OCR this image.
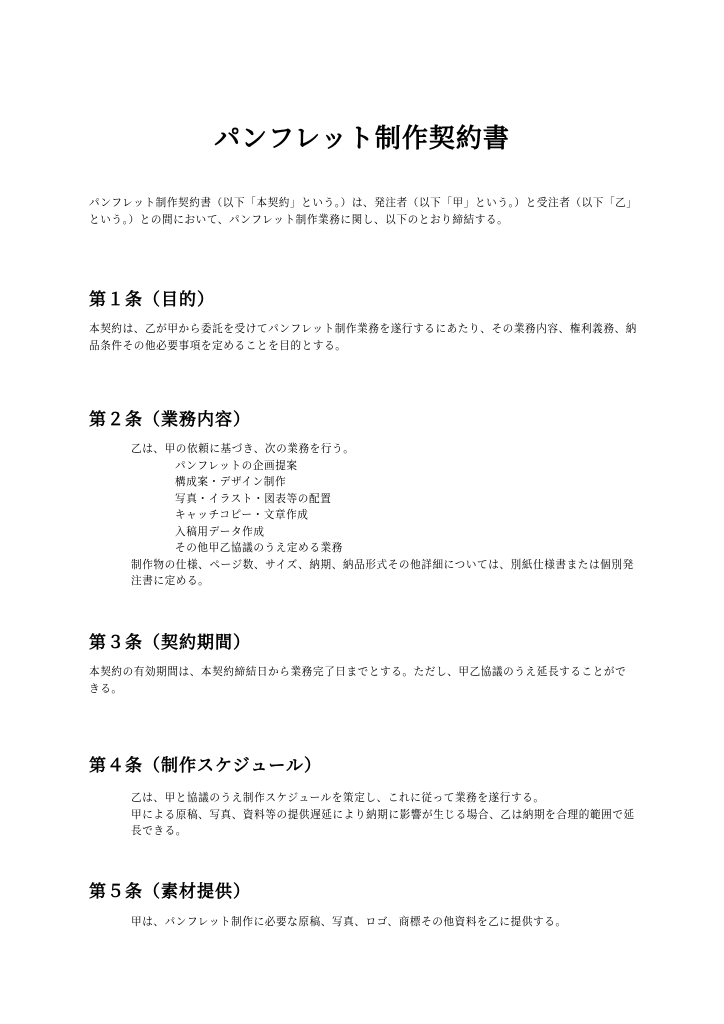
パンフレット制作契約書
パンフレット制作契約書（以下「本契約」という。）は、発注者（以下「甲」という。）と受注者（以下「乙」という。）との間において、パンフレット制作業務に関し、以下のとおり締結する。
第１条（目的）
本契約は、乙が甲から委託を受けてパンフレット制作業務を遂行するにあたり、その業務内容、権利義務、納品条件その他必要事項を定めることを目的とする。
第２条（業務内容）
乙は、甲の依頼に基づき、次の業務を行う。
パンフレットの企画提案
構成案・デザイン制作
写真・イラスト・図表等の配置
キャッチコピー・文章作成
入稿用データ作成
その他甲乙協議のうえ定める業務
制作物の仕様、ページ数、サイズ、納期、納品形式その他詳細については、別紙仕様書または個別発注書に定める。
第３条（契約期間）
本契約の有効期間は、本契約締結日から業務完了日までとする。ただし、甲乙協議のうえ延長することができる。
第４条（制作スケジュール）
乙は、甲と協議のうえ制作スケジュールを策定し、これに従って業務を遂行する。
甲による原稿、写真、資料等の提供遅延により納期に影響が生じる場合、乙は納期を合理的範囲で延長できる。
第５条（素材提供）
甲は、パンフレット制作に必要な原稿、写真、ロゴ、商標その他資料を乙に提供する。
